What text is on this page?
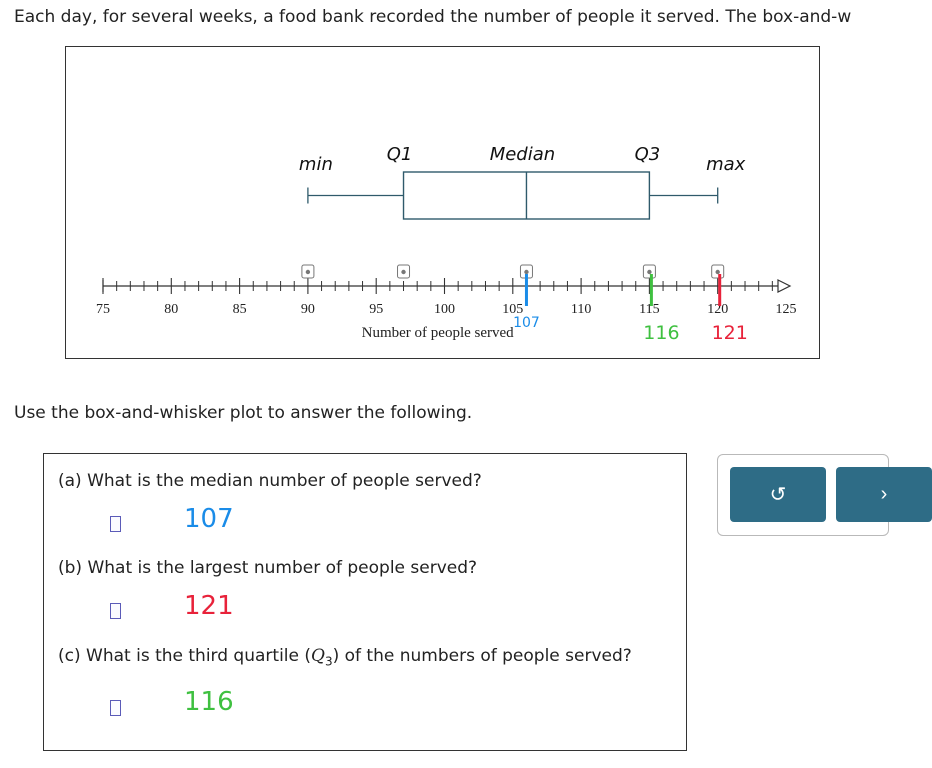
Each day, for several weeks, a food bank recorded the number of people it served. The box-and-w
75	80	85	90	95	100	105	110	115	120	125
Number of people served
min	Q1	Median	Q3	max
107	116 121
Use the box-and-whisker plot to answer the following.
(a) What is the median number of people served?
107
(b) What is the largest number of people served?
121
(c) What is the third quartile $(Q_3)$ of the numbers of people served?
116
↺	›
